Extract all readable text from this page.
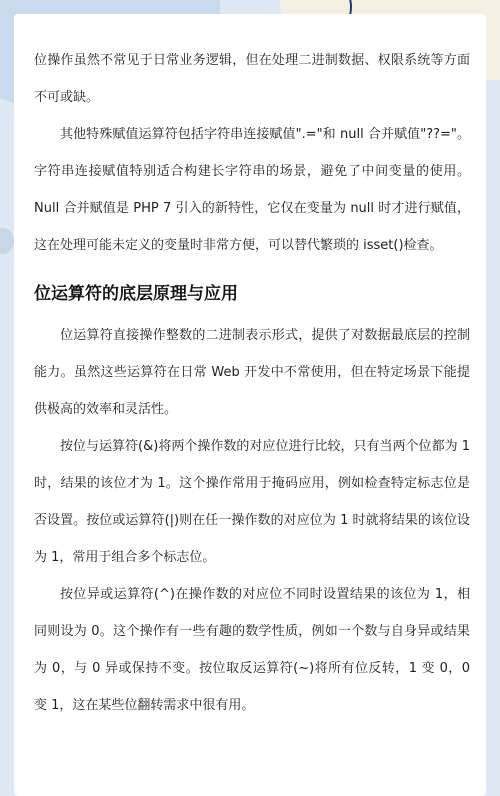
位操作虽然不常见于日常业务逻辑，但在处理二进制数据、权限系统等方面不可或缺。

其他特殊赋值运算符包括字符串连接赋值".="和 null 合并赋值"??="。字符串连接赋值特别适合构建长字符串的场景，避免了中间变量的使用。Null 合并赋值是 PHP 7 引入的新特性，它仅在变量为 null 时才进行赋值，这在处理可能未定义的变量时非常方便，可以替代繁琐的 isset()检查。

位运算符的底层原理与应用

位运算符直接操作整数的二进制表示形式，提供了对数据最底层的控制能力。虽然这些运算符在日常 Web 开发中不常使用，但在特定场景下能提供极高的效率和灵活性。

按位与运算符(&)将两个操作数的对应位进行比较，只有当两个位都为 1 时，结果的该位才为 1。这个操作常用于掩码应用，例如检查特定标志位是否设置。按位或运算符(|)则在任一操作数的对应位为 1 时就将结果的该位设为 1，常用于组合多个标志位。

按位异或运算符(^)在操作数的对应位不同时设置结果的该位为 1，相同则设为 0。这个操作有一些有趣的数学性质，例如一个数与自身异或结果为 0，与 0 异或保持不变。按位取反运算符(~)将所有位反转，1 变 0，0 变 1，这在某些位翻转需求中很有用。
